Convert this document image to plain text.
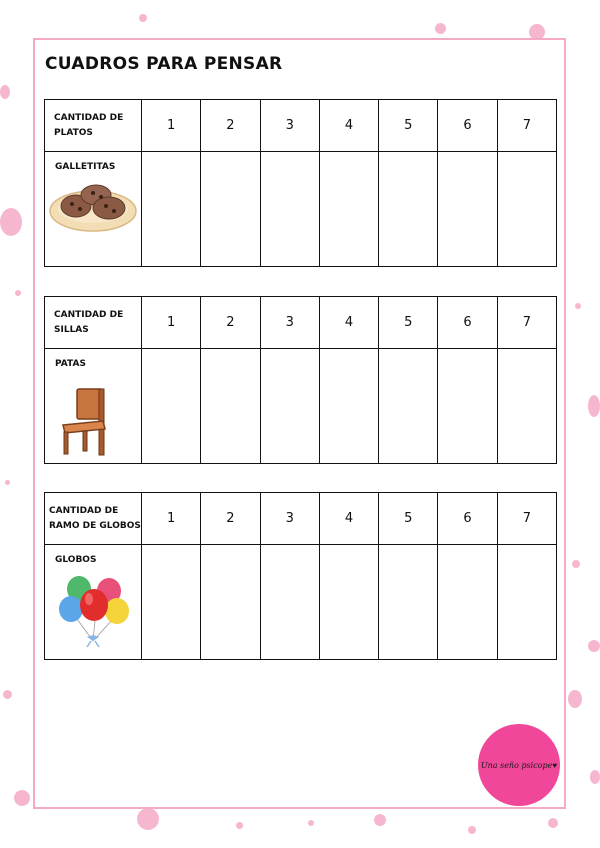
CUADROS PARA PENSAR
CANTIDAD DE
PLATOS	1	2	3	4	5	6	7

GALLETITAS							

CANTIDAD DE
SILLAS	1	2	3	4	5	6	7

PATAS							

CANTIDAD DE
RAMO DE GLOBOS	1	2	3	4	5	6	7

GLOBOS							

Una seño psicope ♥
